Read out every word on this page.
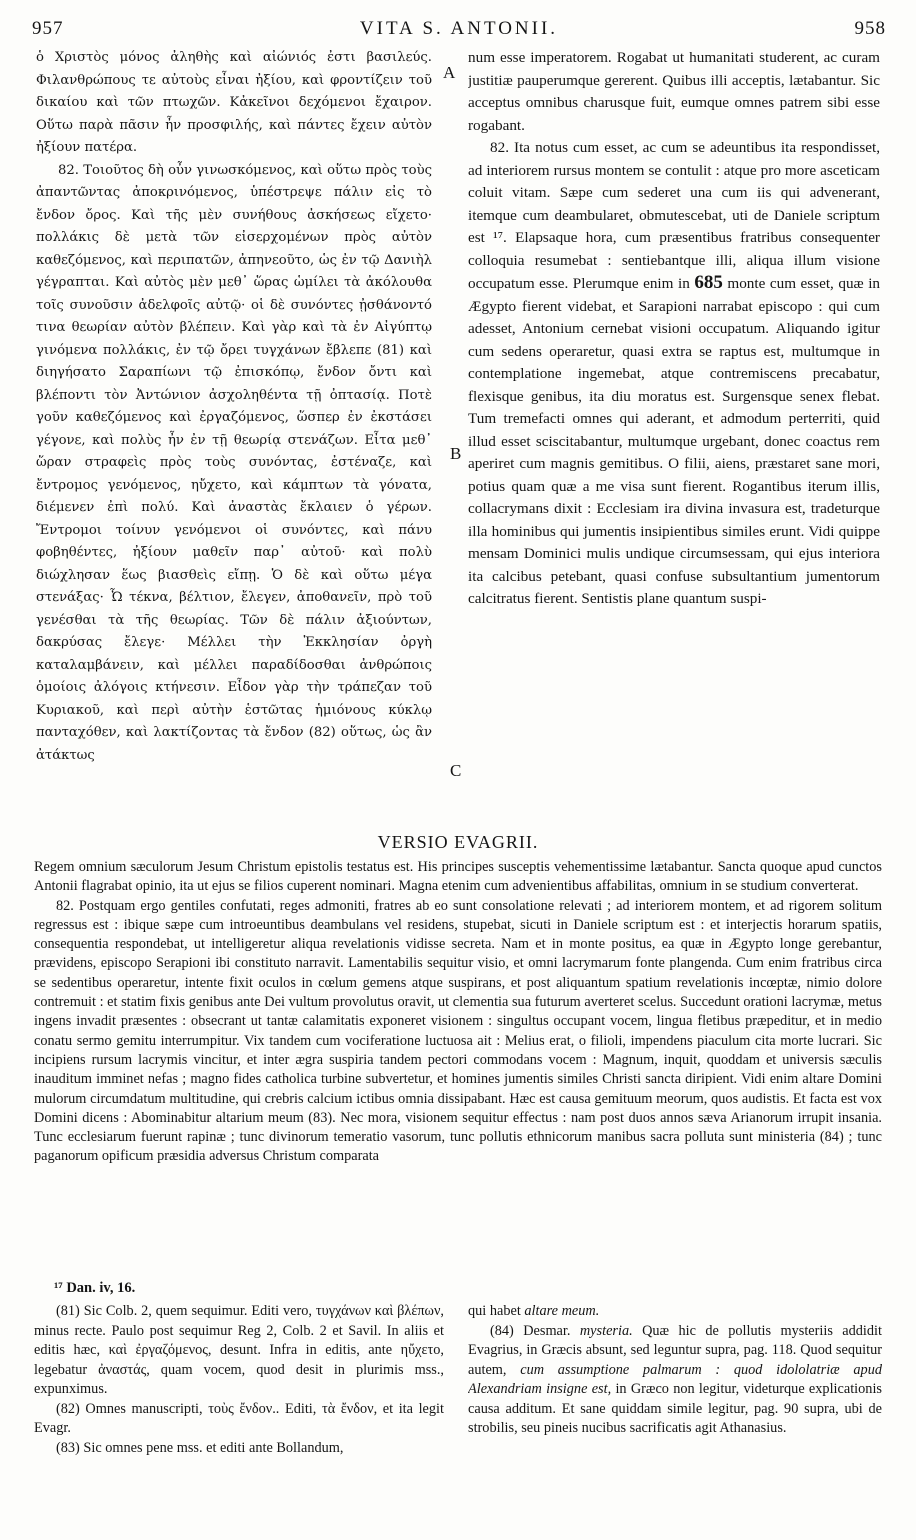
957	VITA S. ANTONII.	958

ὁ Χριστὸς μόνος ἀληθὴς καὶ αἰώνιός ἐστι βασιλεύς. Φιλανθρώπους τε αὐτοὺς εἶναι ἠξίου, καὶ φροντίζειν τοῦ δικαίου καὶ τῶν πτωχῶν. Κἀκεῖνοι δεχόμενοι ἔχαιρον. Οὕτω παρὰ πᾶσιν ἦν προσφιλής, καὶ πάντες ἔχειν αὐτὸν ἠξίουν πατέρα.

82. Τοιοῦτος δὴ οὖν γινωσκόμενος, καὶ οὕτω πρὸς τοὺς ἀπαντῶντας ἀποκρινόμενος, ὑπέστρεψε πάλιν εἰς τὸ ἔνδον ὄρος. Καὶ τῆς μὲν συνήθους ἀσκήσεως εἴχετο· πολλάκις δὲ μετὰ τῶν εἰσερχομένων πρὸς αὐτὸν καθεζόμενος, καὶ περιπατῶν, ἀπηνεοῦτο, ὡς ἐν τῷ Δανιὴλ γέγραπται. Καὶ αὐτὸς μὲν μεθ᾽ ὥρας ὡμίλει τὰ ἀκόλουθα τοῖς συνοῦσιν ἀδελφοῖς αὐτῷ· οἱ δὲ συνόντες ᾐσθάνοντό τινα θεωρίαν αὐτὸν βλέπειν. Καὶ γὰρ καὶ τὰ ἐν Αἰγύπτῳ γινόμενα πολλάκις, ἐν τῷ ὄρει τυγχάνων ἔβλεπε (81) καὶ διηγήσατο Σαραπίωνι τῷ ἐπισκόπῳ, ἔνδον ὄντι καὶ βλέποντι τὸν Ἀντώνιον ἀσχοληθέντα τῇ ὀπτασίᾳ. Ποτὲ γοῦν καθεζόμενος καὶ ἐργαζόμενος, ὥσπερ ἐν ἐκστάσει γέγονε, καὶ πολὺς ἦν ἐν τῇ θεωρίᾳ στενάζων. Εἶτα μεθ᾽ ὥραν στραφεὶς πρὸς τοὺς συνόντας, ἐστέναζε, καὶ ἔντρομος γενόμενος, ηὔχετο, καὶ κάμπτων τὰ γόνατα, διέμενεν ἐπὶ πολύ. Καὶ ἀναστὰς ἔκλαιεν ὁ γέρων. Ἔντρομοι τοίνυν γενόμενοι οἱ συνόντες, καὶ πάνυ φοβηθέντες, ἠξίουν μαθεῖν παρ᾽ αὐτοῦ· καὶ πολὺ διώχλησαν ἕως βιασθεὶς εἴπῃ. Ὁ δὲ καὶ οὕτω μέγα στενάξας· Ὦ τέκνα, βέλτιον, ἔλεγεν, ἀποθανεῖν, πρὸ τοῦ γενέσθαι τὰ τῆς θεωρίας. Τῶν δὲ πάλιν ἀξιούντων, δακρύσας ἔλεγε· Μέλλει τὴν Ἐκκλησίαν ὀργὴ καταλαμβάνειν, καὶ μέλλει παραδίδοσθαι ἀνθρώποις ὁμοίοις ἀλόγοις κτήνεσιν. Εἶδον γὰρ τὴν τράπεζαν τοῦ Κυριακοῦ, καὶ περὶ αὐτὴν ἑστῶτας ἡμιόνους κύκλῳ πανταχόθεν, καὶ λακτίζοντας τὰ ἔνδον (82) οὕτως, ὡς ἂν ἀτάκτως

A
B
C

num esse imperatorem. Rogabat ut humanitati studerent, ac curam justitiæ pauperumque gererent. Quibus illi acceptis, lætabantur. Sic acceptus omnibus charusque fuit, eumque omnes patrem sibi esse rogabant.

82. Ita notus cum esset, ac cum se adeuntibus ita respondisset, ad interiorem rursus montem se contulit : atque pro more asceticam coluit vitam. Sæpe cum sederet una cum iis qui advenerant, itemque cum deambularet, obmutescebat, uti de Daniele scriptum est ¹⁷. Elapsaque hora, cum præsentibus fratribus consequenter colloquia resumebat : sentiebantque illi, aliqua illum visione occupatum esse. Plerumque enim in 685 monte cum esset, quæ in Ægypto fierent videbat, et Sarapioni narrabat episcopo : qui cum adesset, Antonium cernebat visioni occupatum. Aliquando igitur cum sedens operaretur, quasi extra se raptus est, multumque in contemplatione ingemebat, atque contremiscens precabatur, flexisque genibus, ita diu moratus est. Surgensque senex flebat. Tum tremefacti omnes qui aderant, et admodum perterriti, quid illud esset sciscitabantur, multumque urgebant, donec coactus rem aperiret cum magnis gemitibus. O filii, aiens, præstaret sane mori, potius quam quæ a me visa sunt fierent. Rogantibus iterum illis, collacrymans dixit : Ecclesiam ira divina invasura est, tradeturque illa hominibus qui jumentis insipientibus similes erunt. Vidi quippe mensam Dominici mulis undique circumsessam, qui ejus interiora ita calcibus petebant, quasi confuse subsultantium jumentorum calcitratus fierent. Sentistis plane quantum suspi-

VERSIO EVAGRII.

Regem omnium sæculorum Jesum Christum epistolis testatus est. His principes susceptis vehementissime lætabantur. Sancta quoque apud cunctos Antonii flagrabat opinio, ita ut ejus se filios cuperent nominari. Magna etenim cum advenientibus affabilitas, omnium in se studium converterat.

82. Postquam ergo gentiles confutati, reges admoniti, fratres ab eo sunt consolatione relevati ; ad interiorem montem, et ad rigorem solitum regressus est : ibique sæpe cum introeuntibus deambulans vel residens, stupebat, sicuti in Daniele scriptum est : et interjectis horarum spatiis, consequentia respondebat, ut intelligeretur aliqua revelationis vidisse secreta. Nam et in monte positus, ea quæ in Ægypto longe gerebantur, prævidens, episcopo Serapioni ibi constituto narravit. Lamentabilis sequitur visio, et omni lacrymarum fonte plangenda. Cum enim fratribus circa se sedentibus operaretur, intente fixit oculos in cœlum gemens atque suspirans, et post aliquantum spatium revelationis incœptæ, nimio dolore contremuit : et statim fixis genibus ante Dei vultum provolutus oravit, ut clementia sua futurum averteret scelus. Succedunt orationi lacrymæ, metus ingens invadit præsentes : obsecrant ut tantæ calamitatis exponeret visionem : singultus occupant vocem, lingua fletibus præpeditur, et in medio conatu sermo gemitu interrumpitur. Vix tandem cum vociferatione luctuosa ait : Melius erat, o filioli, impendens piaculum cita morte lucrari. Sic incipiens rursum lacrymis vincitur, et inter ægra suspiria tandem pectori commodans vocem : Magnum, inquit, quoddam et universis sæculis inauditum imminet nefas ; magno fides catholica turbine subvertetur, et homines jumentis similes Christi sancta diripient. Vidi enim altare Domini mulorum circumdatum multitudine, qui crebris calcium ictibus omnia dissipabant. Hæc est causa gemituum meorum, quos audistis. Et facta est vox Domini dicens : Abominabitur altarium meum (83). Nec mora, visionem sequitur effectus : nam post duos annos sæva Arianorum irrupit insania. Tunc ecclesiarum fuerunt rapinæ ; tunc divinorum temeratio vasorum, tunc pollutis ethnicorum manibus sacra polluta sunt ministeria (84) ; tunc paganorum opificum præsidia adversus Christum comparata

¹⁷ Dan. iv, 16.

(81) Sic Colb. 2, quem sequimur. Editi vero, τυγχάνων καὶ βλέπων, minus recte. Paulo post sequimur Reg 2, Colb. 2 et Savil. In aliis et editis hæc, καὶ ἐργαζόμενος, desunt. Infra in editis, ante ηὔχετο, legebatur ἀναστάς, quam vocem, quod desit in plurimis mss., expunximus.

(82) Omnes manuscripti, τοὺς ἔνδον.. Editi, τὰ ἔνδον, et ita legit Evagr.

(83) Sic omnes pene mss. et editi ante Bollandum,

qui habet altare meum.

(84) Desmar. mysteria. Quæ hic de pollutis mysteriis addidit Evagrius, in Græcis absunt, sed leguntur supra, pag. 118. Quod sequitur autem, cum assumptione palmarum : quod idololatriæ apud Alexandriam insigne est, in Græco non legitur, videturque explicationis causa additum. Et sane quiddam simile legitur, pag. 90 supra, ubi de strobilis, seu pineis nucibus sacrificatis agit Athanasius.
